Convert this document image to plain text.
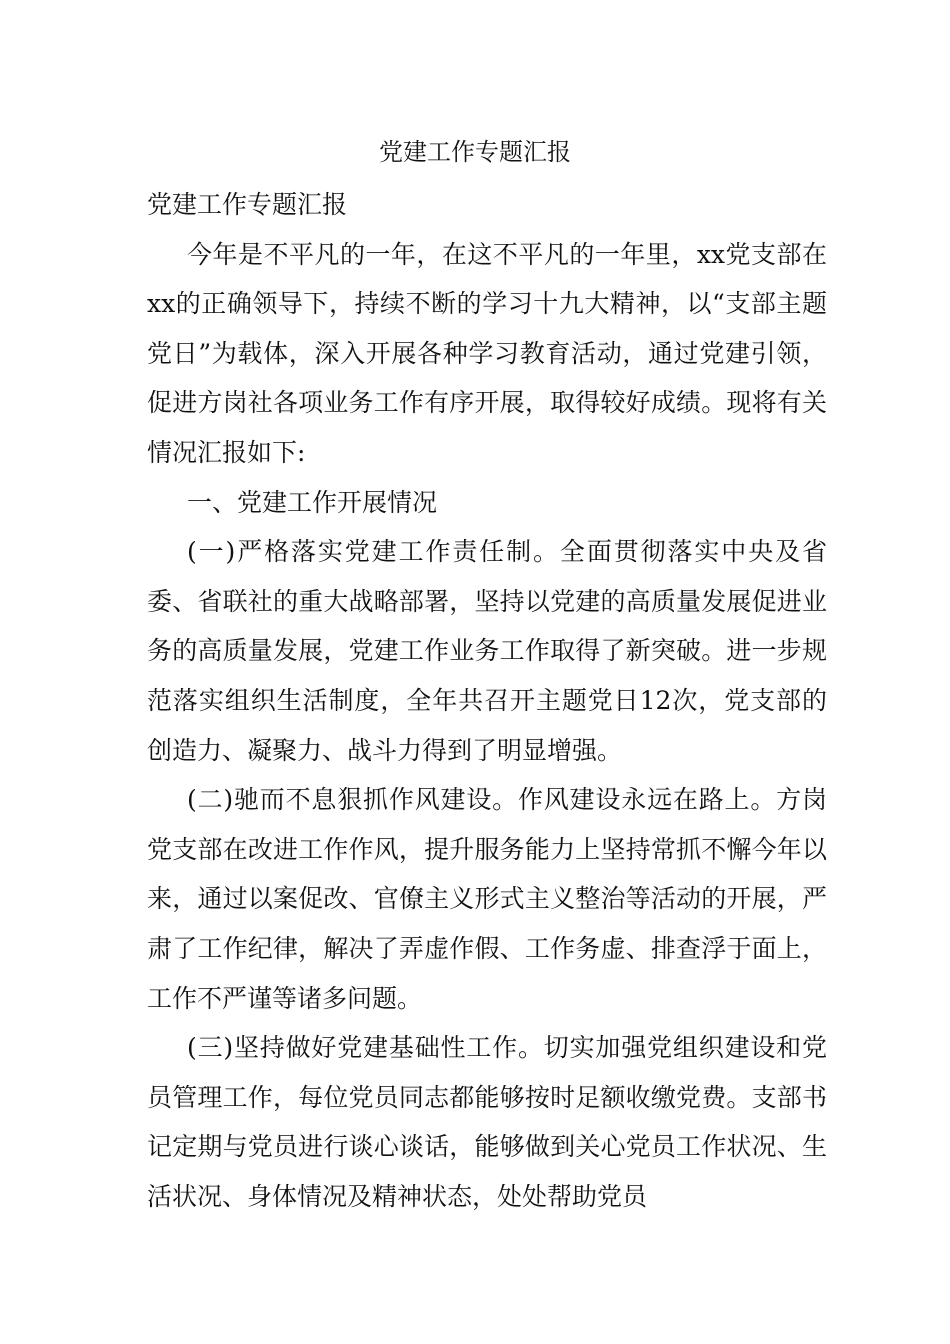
党建工作专题汇报

党建工作专题汇报

今年是不平凡的一年，在这不平凡的一年里，xx党支部在xx的正确领导下，持续不断的学习十九大精神，以“支部主题党日”为载体，深入开展各种学习教育活动，通过党建引领，促进方岗社各项业务工作有序开展，取得较好成绩。现将有关情况汇报如下:

一、党建工作开展情况

(一)严格落实党建工作责任制。全面贯彻落实中央及省委、省联社的重大战略部署，坚持以党建的高质量发展促进业务的高质量发展，党建工作业务工作取得了新突破。进一步规范落实组织生活制度，全年共召开主题党日12次，党支部的创造力、凝聚力、战斗力得到了明显增强。

(二)驰而不息狠抓作风建设。作风建设永远在路上。方岗党支部在改进工作作风，提升服务能力上坚持常抓不懈今年以来，通过以案促改、官僚主义形式主义整治等活动的开展，严肃了工作纪律，解决了弄虚作假、工作务虚、排查浮于面上，工作不严谨等诸多问题。

(三)坚持做好党建基础性工作。切实加强党组织建设和党员管理工作，每位党员同志都能够按时足额收缴党费。支部书记定期与党员进行谈心谈话，能够做到关心党员工作状况、生活状况、身体情况及精神状态，处处帮助党员
